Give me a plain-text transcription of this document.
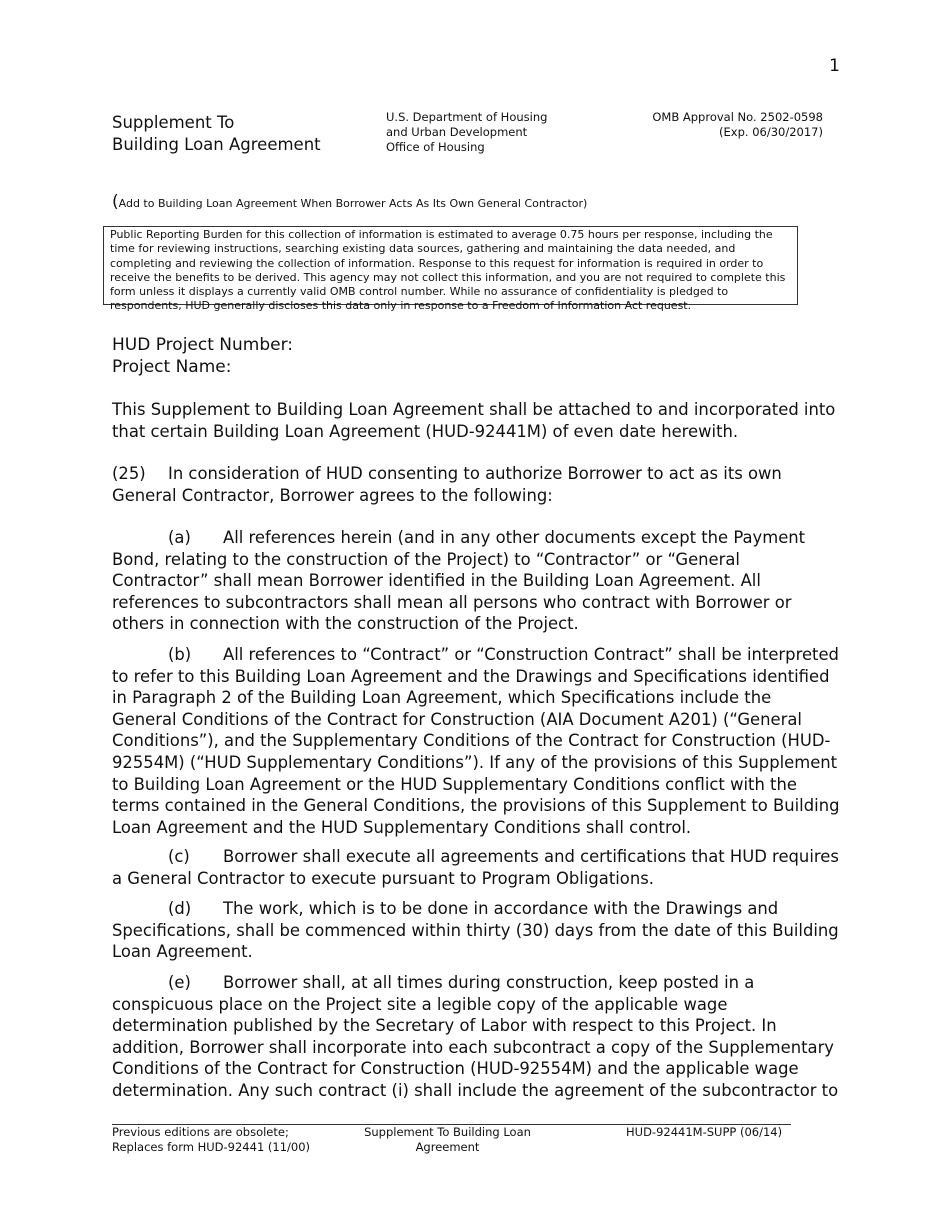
1
Supplement To
Building Loan Agreement
U.S. Department of Housing
and Urban Development
Office of Housing
OMB Approval No. 2502-0598
(Exp. 06/30/2017)
(Add to Building Loan Agreement When Borrower Acts As Its Own General Contractor)
Public Reporting Burden for this collection of information is estimated to average 0.75 hours per response, including the time for reviewing instructions, searching existing data sources, gathering and maintaining the data needed, and completing and reviewing the collection of information. Response to this request for information is required in order to receive the benefits to be derived. This agency may not collect this information, and you are not required to complete this form unless it displays a currently valid OMB control number. While no assurance of confidentiality is pledged to respondents, HUD generally discloses this data only in response to a Freedom of Information Act request.
HUD Project Number:
Project Name:
This Supplement to Building Loan Agreement shall be attached to and incorporated into that certain Building Loan Agreement (HUD-92441M) of even date herewith.
(25) In consideration of HUD consenting to authorize Borrower to act as its own General Contractor, Borrower agrees to the following:
(a) All references herein (and in any other documents except the Payment Bond, relating to the construction of the Project) to “Contractor” or “General Contractor” shall mean Borrower identified in the Building Loan Agreement. All references to subcontractors shall mean all persons who contract with Borrower or others in connection with the construction of the Project.
(b) All references to “Contract” or “Construction Contract” shall be interpreted to refer to this Building Loan Agreement and the Drawings and Specifications identified in Paragraph 2 of the Building Loan Agreement, which Specifications include the General Conditions of the Contract for Construction (AIA Document A201) (“General Conditions”), and the Supplementary Conditions of the Contract for Construction (HUD-92554M) (“HUD Supplementary Conditions”). If any of the provisions of this Supplement to Building Loan Agreement or the HUD Supplementary Conditions conflict with the terms contained in the General Conditions, the provisions of this Supplement to Building Loan Agreement and the HUD Supplementary Conditions shall control.
(c) Borrower shall execute all agreements and certifications that HUD requires a General Contractor to execute pursuant to Program Obligations.
(d) The work, which is to be done in accordance with the Drawings and Specifications, shall be commenced within thirty (30) days from the date of this Building Loan Agreement.
(e) Borrower shall, at all times during construction, keep posted in a conspicuous place on the Project site a legible copy of the applicable wage determination published by the Secretary of Labor with respect to this Project. In addition, Borrower shall incorporate into each subcontract a copy of the Supplementary Conditions of the Contract for Construction (HUD-92554M) and the applicable wage determination. Any such contract (i) shall include the agreement of the subcontractor to
Previous editions are obsolete;
Replaces form HUD-92441 (11/00)
Supplement To Building Loan
Agreement
HUD-92441M-SUPP (06/14)
